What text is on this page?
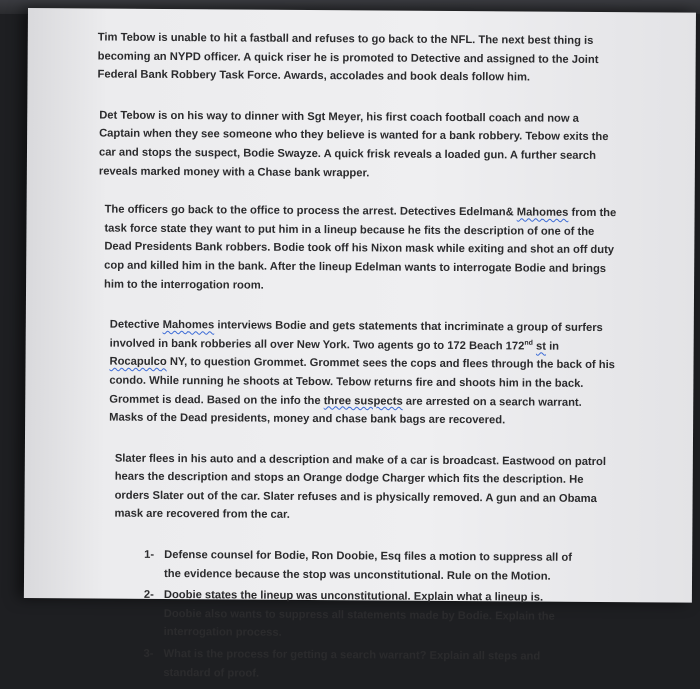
Tim Tebow is unable to hit a fastball and refuses to go back to the NFL. The next best thing is becoming an NYPD officer. A quick riser he is promoted to Detective and assigned to the Joint Federal Bank Robbery Task Force. Awards, accolades and book deals follow him.

Det Tebow is on his way to dinner with Sgt Meyer, his first coach football coach and now a Captain when they see someone who they believe is wanted for a bank robbery. Tebow exits the car and stops the suspect, Bodie Swayze. A quick frisk reveals a loaded gun. A further search reveals marked money with a Chase bank wrapper.

The officers go back to the office to process the arrest. Detectives Edelman& Mahomes from the task force state they want to put him in a lineup because he fits the description of one of the Dead Presidents Bank robbers. Bodie took off his Nixon mask while exiting and shot an off duty cop and killed him in the bank. After the lineup Edelman wants to interrogate Bodie and brings him to the interrogation room.

Detective Mahomes interviews Bodie and gets statements that incriminate a group of surfers involved in bank robberies all over New York. Two agents go to 172 Beach 172nd st in Rocapulco NY, to question Grommet. Grommet sees the cops and flees through the back of his condo. While running he shoots at Tebow. Tebow returns fire and shoots him in the back. Grommet is dead. Based on the info the three suspects are arrested on a search warrant. Masks of the Dead presidents, money and chase bank bags are recovered.

Slater flees in his auto and a description and make of a car is broadcast. Eastwood on patrol hears the description and stops an Orange dodge Charger which fits the description. He orders Slater out of the car. Slater refuses and is physically removed. A gun and an Obama mask are recovered from the car.

1- Defense counsel for Bodie, Ron Doobie, Esq files a motion to suppress all of the evidence because the stop was unconstitutional. Rule on the Motion.
2- Doobie states the lineup was unconstitutional. Explain what a lineup is. Doobie also wants to suppress all statements made by Bodie. Explain the interrogation process.
3- What is the process for getting a search warrant? Explain all steps and standard of proof.
